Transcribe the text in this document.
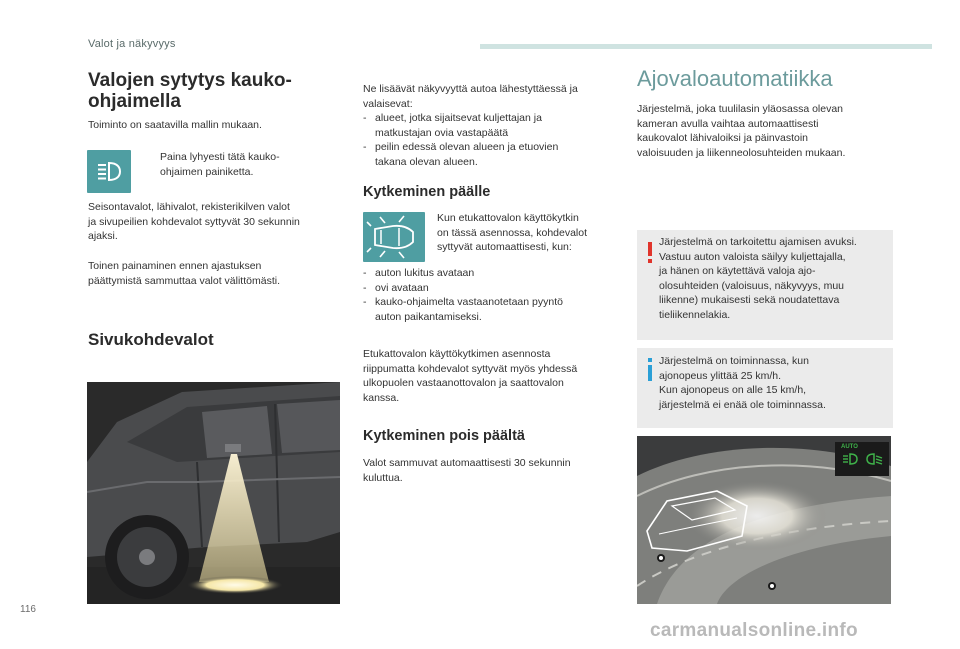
Valot ja näkyvyys
Valojen sytytys kauko-
ohjaimella
Toiminto on saatavilla mallin mukaan.
Paina lyhyesti tätä kauko-
ohjaimen painiketta.
Seisontavalot, lähivalot, rekisterikilven valot
ja sivupeilien kohdevalot syttyvät 30 sekunnin
ajaksi.
Toinen painaminen ennen ajastuksen
päättymistä sammuttaa valot välittömästi.
Sivukohdevalot
Ne lisäävät näkyvyyttä autoa lähestyttäessä ja
valaisevat:
- alueet, jotka sijaitsevat kuljettajan ja
matkustajan ovia vastapäätä
- peilin edessä olevan alueen ja etuovien
takana olevan alueen.
Kytkeminen päälle
Kun etukattovalon käyttökytkin
on tässä asennossa, kohdevalot
syttyvät automaattisesti, kun:
- auton lukitus avataan
- ovi avataan
- kauko-ohjaimelta vastaanotetaan pyyntö
auton paikantamiseksi.
Etukattovalon käyttökytkimen asennosta
riippumatta kohdevalot syttyvät myös yhdessä
ulkopuolen vastaanottovalon ja saattovalon
kanssa.
Kytkeminen pois päältä
Valot sammuvat automaattisesti 30 sekunnin
kuluttua.
Ajovaloautomatiikka
Järjestelmä, joka tuulilasin yläosassa olevan
kameran avulla vaihtaa automaattisesti
kaukovalot lähivaloiksi ja päinvastoin
valoisuuden ja liikenneolosuhteiden mukaan.
Järjestelmä on tarkoitettu ajamisen avuksi.
Vastuu auton valoista säilyy kuljettajalla,
ja hänen on käytettävä valoja ajo-
olosuhteiden (valoisuus, näkyvyys, muu
liikenne) mukaisesti sekä noudatettava
tieliikennelakia.
Järjestelmä on toiminnassa, kun
ajonopeus ylittää 25 km/h.
Kun ajonopeus on alle 15 km/h,
järjestelmä ei enää ole toiminnassa.
AUTO
116
carmanualsonline.info
